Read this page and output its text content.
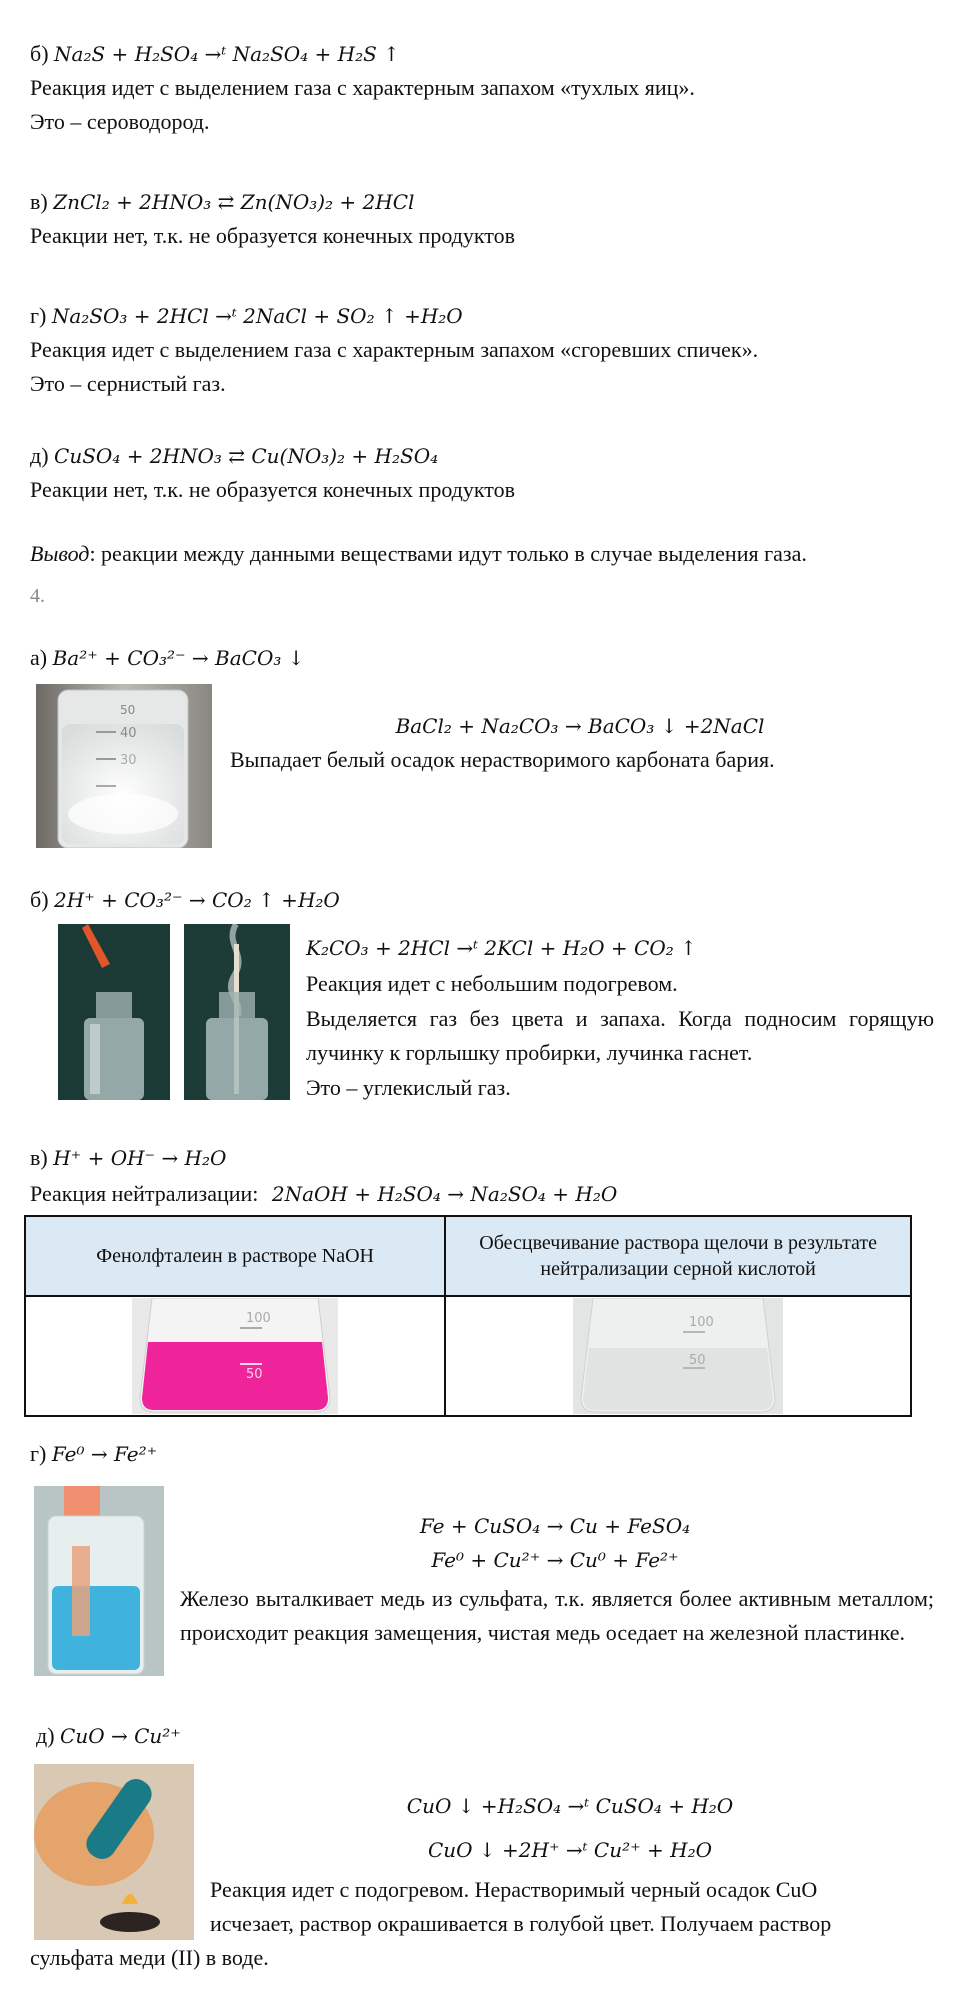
б) Na₂S + H₂SO₄ →ᵗ Na₂SO₄ + H₂S ↑
Реакция идет с выделением газа с характерным запахом «тухлых яиц».
Это – сероводород.
в) ZnCl₂ + 2HNO₃ ⇄ Zn(NO₃)₂ + 2HCl
Реакции нет, т.к. не образуется конечных продуктов
г) Na₂SO₃ + 2HCl →ᵗ 2NaCl + SO₂ ↑ +H₂O
Реакция идет с выделением газа с характерным запахом «сгоревших спичек».
Это – сернистый газ.
д) CuSO₄ + 2HNO₃ ⇄ Cu(NO₃)₂ + H₂SO₄
Реакции нет, т.к. не образуется конечных продуктов
Вывод: реакции между данными веществами идут только в случае выделения газа.
4.
а) Ba²⁺ + CO₃²⁻ → BaCO₃ ↓
50
40
30
BaCl₂ + Na₂CO₃ → BaCO₃ ↓ +2NaCl
Выпадает белый осадок нерастворимого карбоната бария.
б) 2H⁺ + CO₃²⁻ → CO₂ ↑ +H₂O
K₂CO₃ + 2HCl →ᵗ 2KCl + H₂O + CO₂ ↑
Реакция идет с небольшим подогревом.
Выделяется газ без цвета и запаха. Когда подносим горящую лучинку к горлышку пробирки, лучинка гаснет.
Это – углекислый газ.
в) H⁺ + OH⁻ → H₂O
Реакция нейтрализации: 2NaOH + H₂SO₄ → Na₂SO₄ + H₂O
Фенолфталеин в растворе NaOH	Обесцвечивание раствора щелочи в результате нейтрализации серной кислотой

100
50	100
50
г) Fe⁰ → Fe²⁺
Fe + CuSO₄ → Cu + FeSO₄
Fe⁰ + Cu²⁺ → Cu⁰ + Fe²⁺
Железо выталкивает медь из сульфата, т.к. является более активным металлом; происходит реакция замещения, чистая медь оседает на железной пластинке.
д) CuO → Cu²⁺
CuO ↓ +H₂SO₄ →ᵗ CuSO₄ + H₂O
CuO ↓ +2H⁺ →ᵗ Cu²⁺ + H₂O
Реакция идет с подогревом. Нерастворимый черный осадок CuO
исчезает, раствор окрашивается в голубой цвет. Получаем раствор
сульфата меди (II) в воде.
